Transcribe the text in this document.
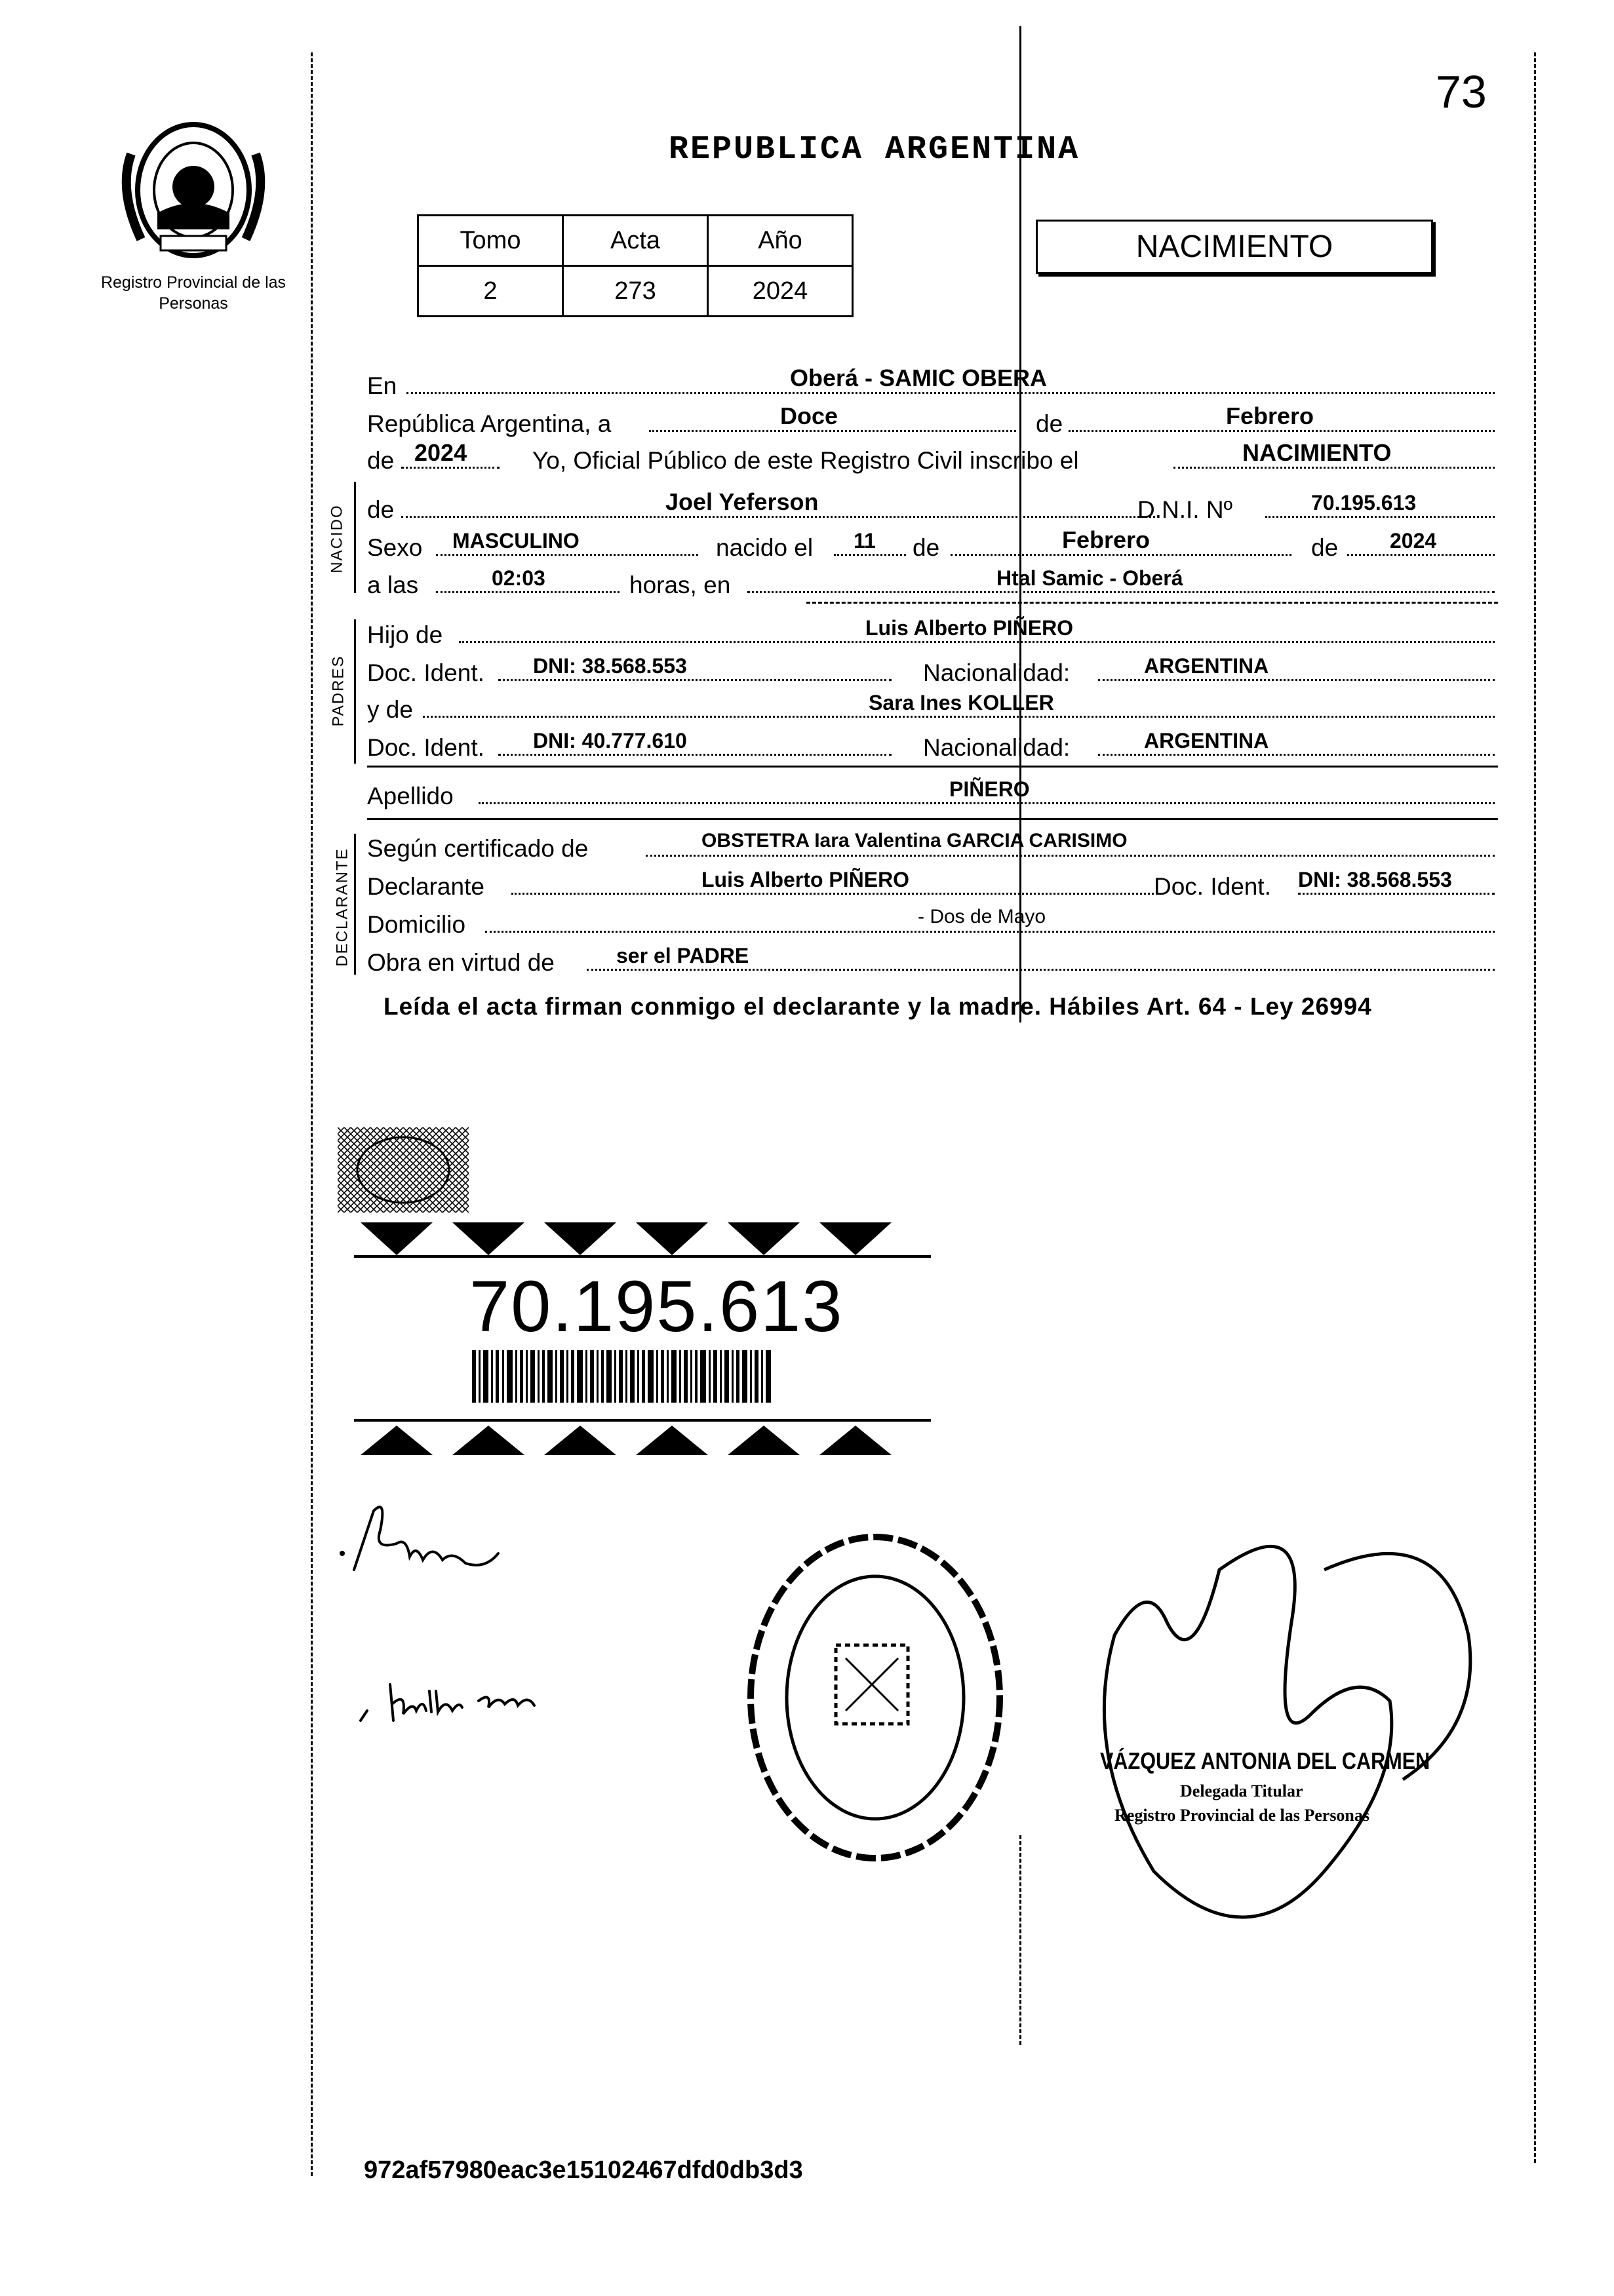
73
Registro Provincial de las Personas
REPUBLICA ARGENTINA
Tomo	Acta	Año
2	273	2024
NACIMIENTO
En	Oberá - SAMIC OBERA
República Argentina, a	Doce	de	Febrero
de 2024	Yo, Oficial Público de este Registro Civil inscribo el	NACIMIENTO
NACIDO de	Joel Yeferson	D.N.I. Nº	70.195.613
Sexo MASCULINO	nacido el 11 de	Febrero	de 2024
a las	02:03	horas, en	Htal Samic - Oberá
PADRES
Hijo de	Luis Alberto PIÑERO
Doc. Ident. DNI: 38.568.553	Nacionalidad:	ARGENTINA
y de	Sara Ines KOLLER
Doc. Ident. DNI: 40.777.610	Nacionalidad:	ARGENTINA
Apellido	PIÑERO
DECLARANTE Según certificado de	OBSTETRA Iara Valentina GARCIA CARISIMO
Declarante	Luis Alberto PIÑERO	Doc. Ident. DNI: 38.568.553
Domicilio	- Dos de Mayo
Obra en virtud de	ser el PADRE
Leída el acta firman conmigo el declarante y la madre. Hábiles Art. 64 - Ley 26994
70.195.613
VÁZQUEZ ANTONIA DEL CARMEN
Delegada Titular
Registro Provincial de las Personas
972af57980eac3e15102467dfd0db3d3
